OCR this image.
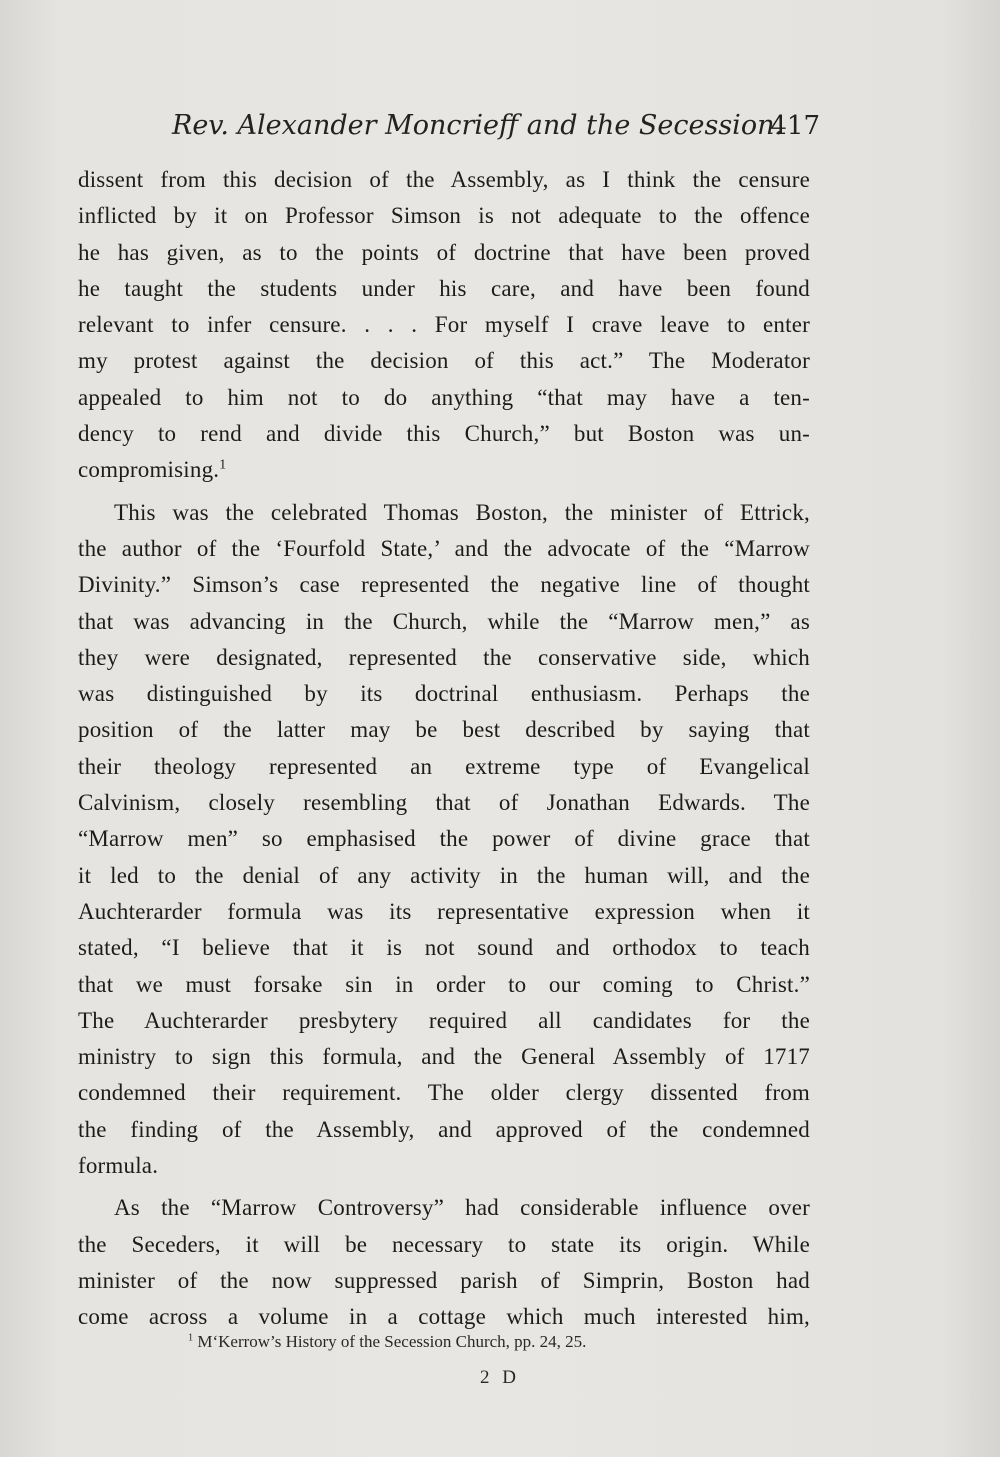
Rev. Alexander Moncrieff and the Secession.
417
dissent from this decision of the Assembly, as I think the censure
inflicted by it on Professor Simson is not adequate to the offence
he has given, as to the points of doctrine that have been proved
he taught the students under his care, and have been found
relevant to infer censure. . . . For myself I crave leave to enter
my protest against the decision of this act.” The Moderator
appealed to him not to do anything “that may have a ten-
dency to rend and divide this Church,” but Boston was un-
compromising.$^1$
This was the celebrated Thomas Boston, the minister of Ettrick,
the author of the ‘Fourfold State,’ and the advocate of the “Marrow
Divinity.” Simson’s case represented the negative line of thought
that was advancing in the Church, while the “Marrow men,” as
they were designated, represented the conservative side, which
was distinguished by its doctrinal enthusiasm. Perhaps the
position of the latter may be best described by saying that
their theology represented an extreme type of Evangelical
Calvinism, closely resembling that of Jonathan Edwards. The
“Marrow men” so emphasised the power of divine grace that
it led to the denial of any activity in the human will, and the
Auchterarder formula was its representative expression when it
stated, “I believe that it is not sound and orthodox to teach
that we must forsake sin in order to our coming to Christ.”
The Auchterarder presbytery required all candidates for the
ministry to sign this formula, and the General Assembly of 1717
condemned their requirement. The older clergy dissented from
the finding of the Assembly, and approved of the condemned
formula.
As the “Marrow Controversy” had considerable influence over
the Seceders, it will be necessary to state its origin. While
minister of the now suppressed parish of Simprin, Boston had
come across a volume in a cottage which much interested him,
$^1$ M‘Kerrow’s History of the Secession Church, pp. 24, 25.
2 D
